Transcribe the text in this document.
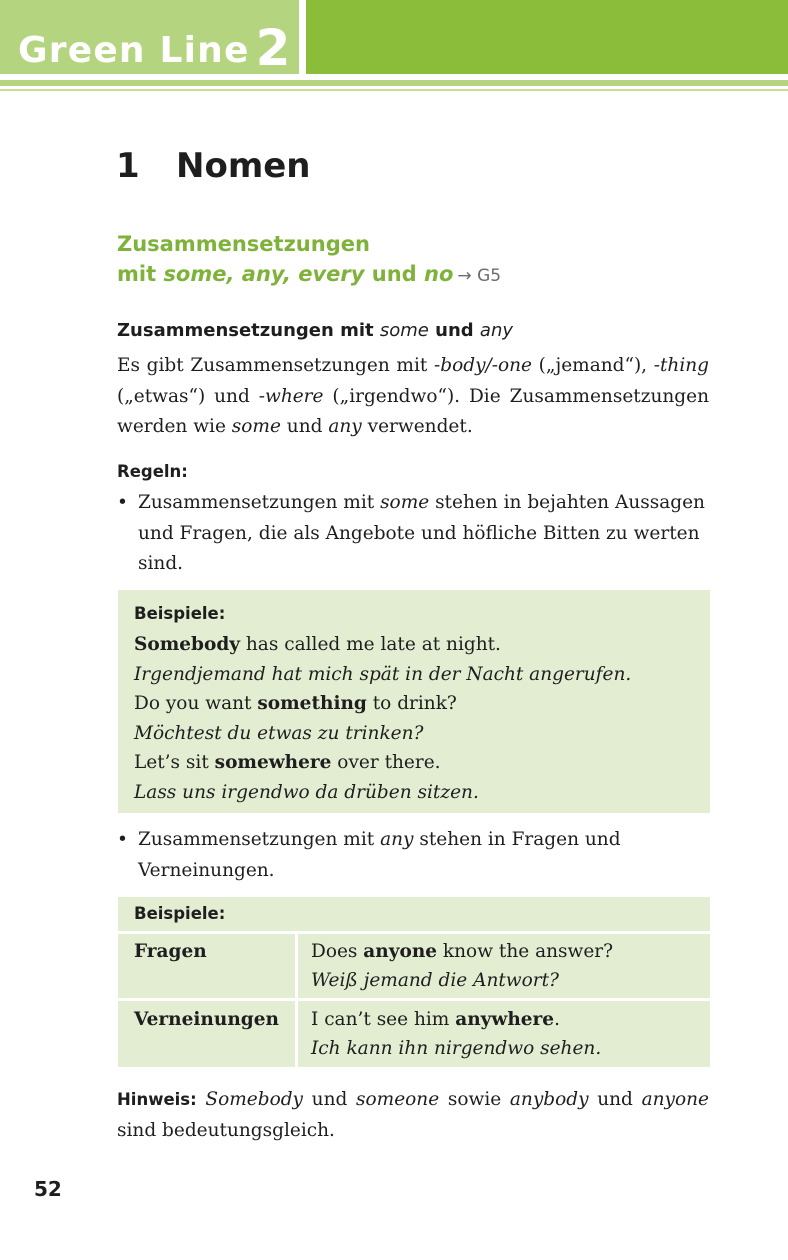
Green Line 2
1 Nomen
Zusammensetzungen
mit some, any, every und no → G5
Zusammensetzungen mit some und any

Es gibt Zusammensetzungen mit -body/-one („jemand“), -thing („etwas“) und -where („irgendwo“). Die Zusammensetzungen werden wie some und any verwendet.

Regeln:

• Zusammensetzungen mit some stehen in bejahten Aussagen und Fragen, die als Angebote und höfliche Bitten zu werten sind.

Beispiele:

Somebody has called me late at night.

Irgendjemand hat mich spät in der Nacht angerufen.

Do you want something to drink?

Möchtest du etwas zu trinken?

Let’s sit somewhere over there.

Lass uns irgendwo da drüben sitzen.

• Zusammensetzungen mit any stehen in Fragen und Verneinungen.

Beispiele:

Fragen	Does anyone know the answer?

Weiß jemand die Antwort?

Verneinungen I can’t see him anywhere.

Ich kann ihn nirgendwo sehen.

Hinweis: Somebody und someone sowie anybody und anyone sind bedeutungsgleich.

52
